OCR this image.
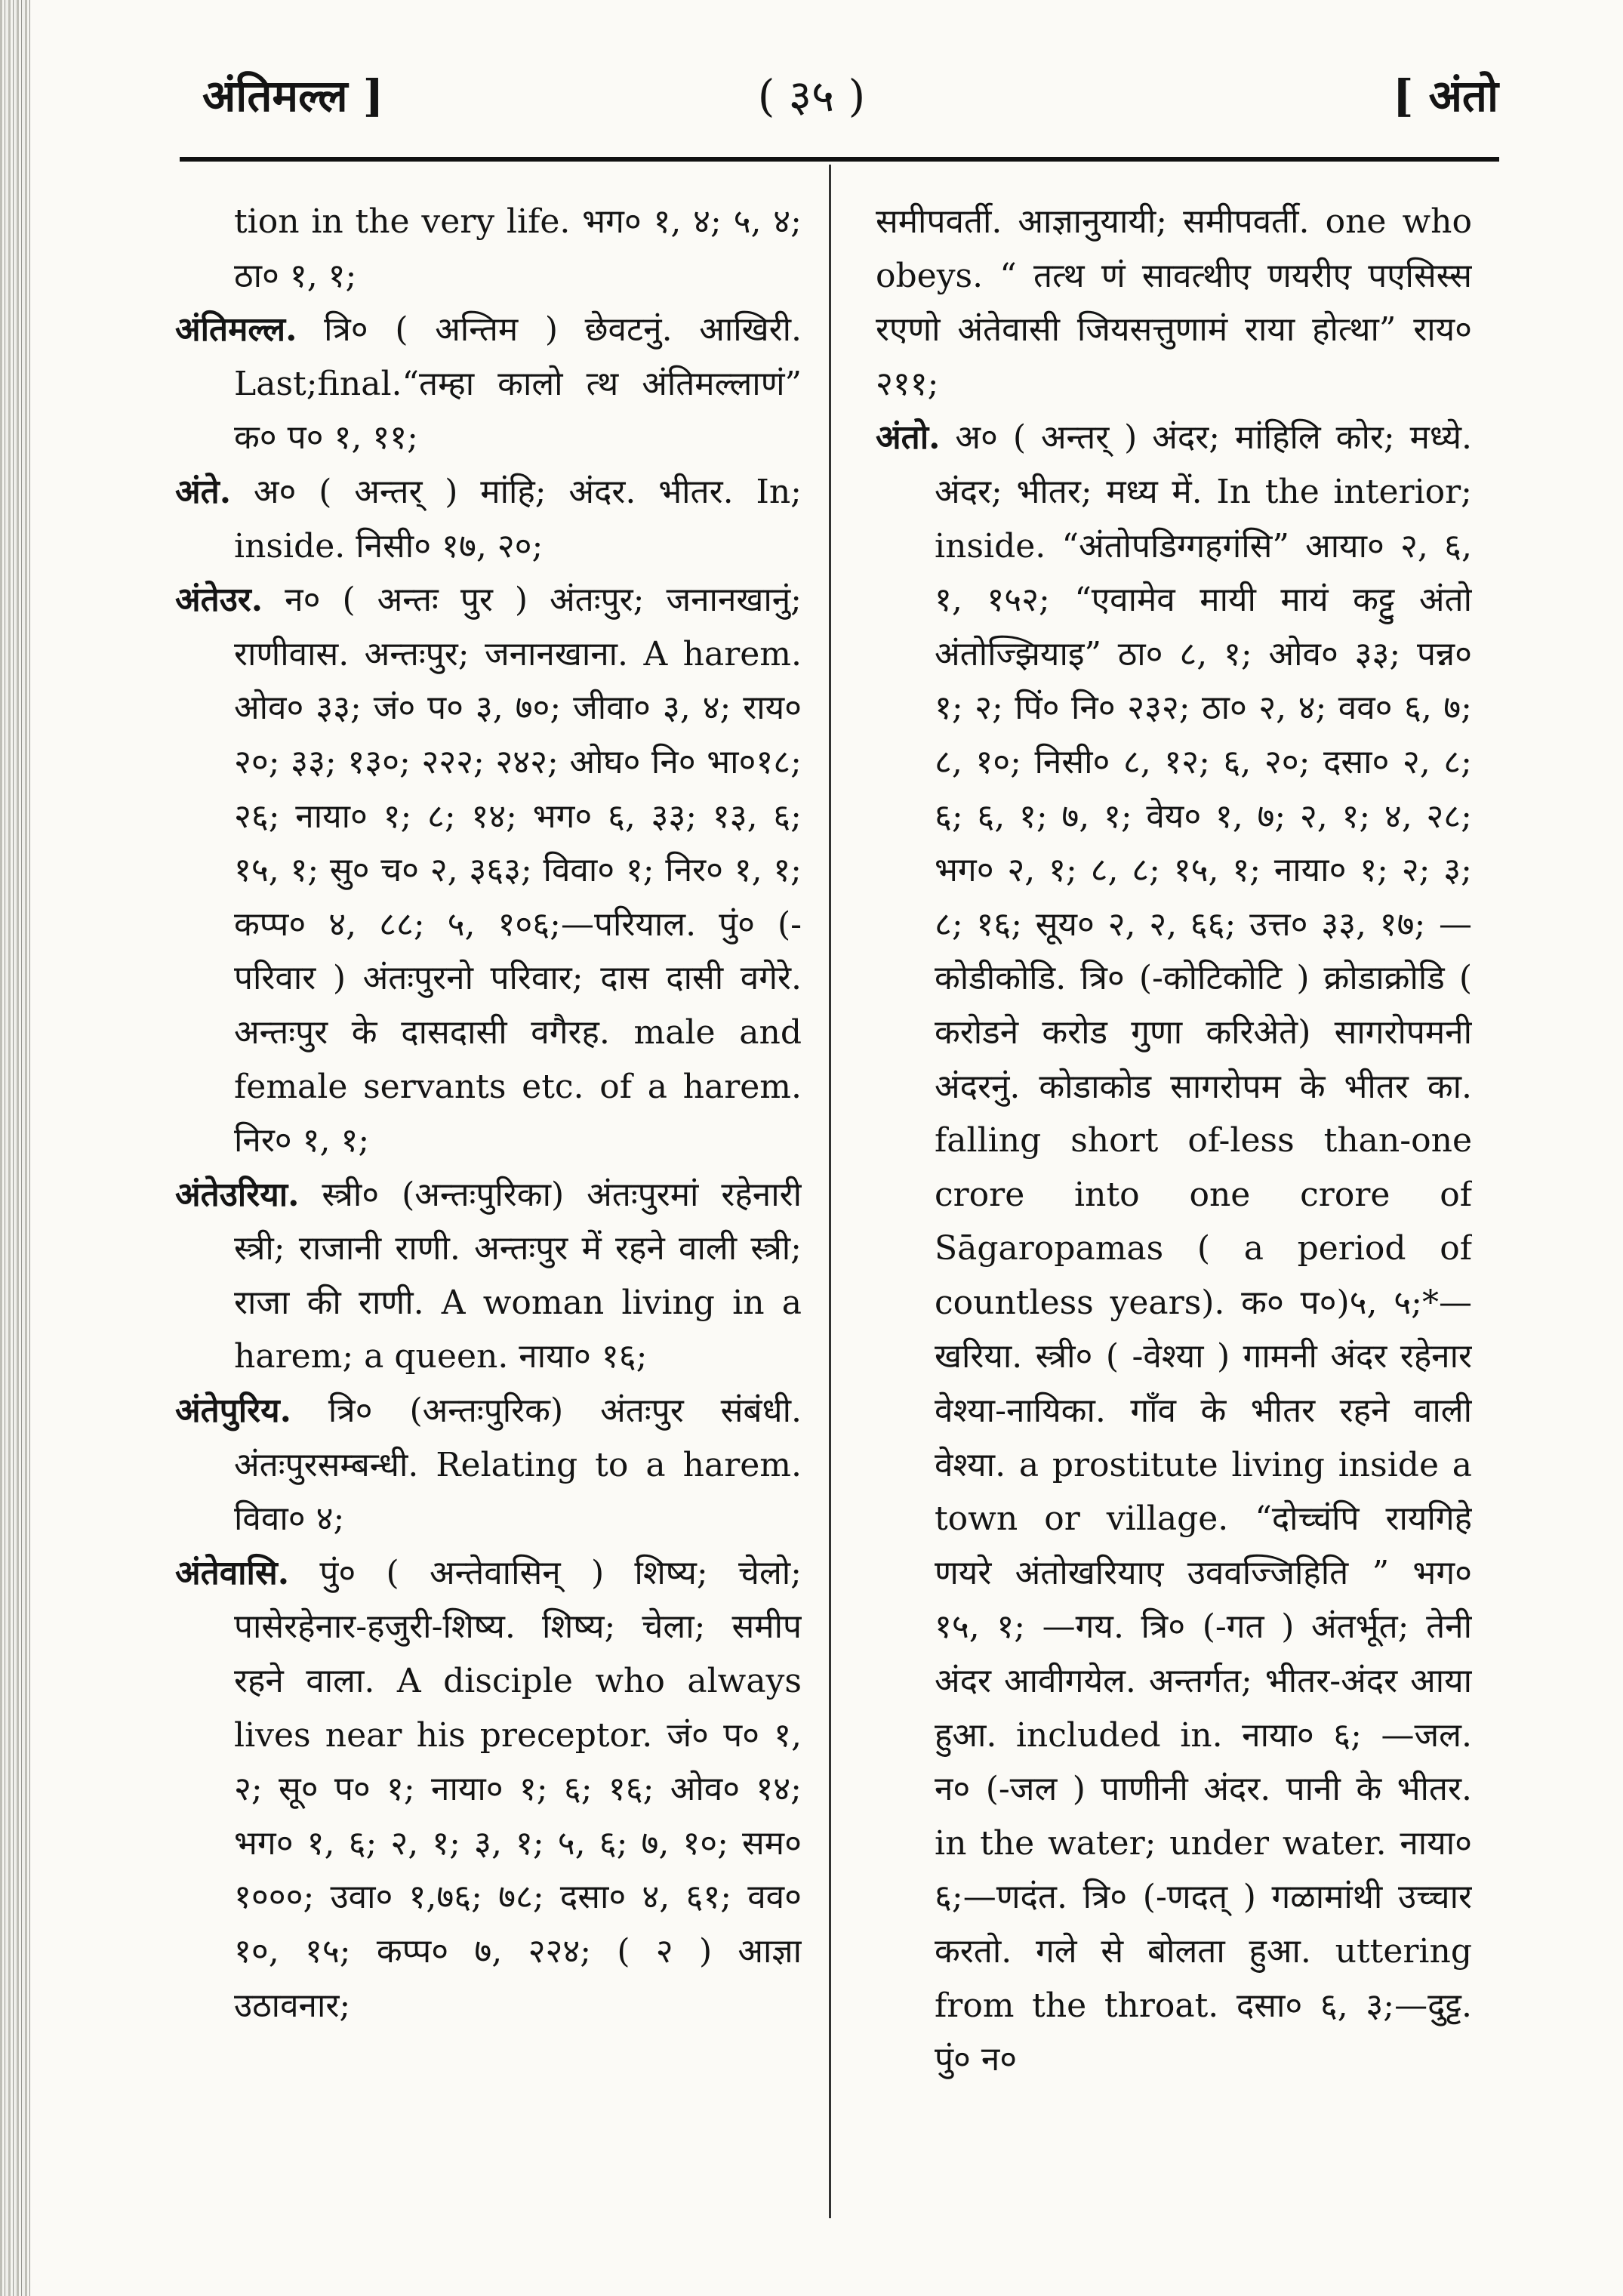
अंतिमल्ल ]	( ३५ )	[ अंतो

tion in the very life. भग० १, ४; ५, ४; ठा० १, १;

अंतिमल्ल. त्रि० ( अन्तिम ) छेवटनुं. आखिरी. Last;final.“तम्हा कालो त्थ अंतिमल्लाणं” क० प० १, ११;

अंते. अ० ( अन्तर् ) मांहि; अंदर. भीतर. In; inside. निसी० १७, २०;

अंतेउर. न० ( अन्तः पुर ) अंतःपुर; जनानखानुं; राणीवास. अन्तःपुर; जनानखाना. A harem. ओव० ३३; जं० प० ३, ७०; जीवा० ३, ४; राय० २०; ३३; १३०; २२२; २४२; ओघ० नि० भा०१८; २६; नाया० १; ८; १४; भग० ६, ३३; १३, ६; १५, १; सु० च० २, ३६३; विवा० १; निर० १, १; कप्प० ४, ८८; ५, १०६;—परियाल. पुं० (-परिवार ) अंतःपुरनो परिवार; दास दासी वगेरे. अन्तःपुर के दासदासी वगैरह. male and female servants etc. of a harem. निर० १, १;

अंतेउरिया. स्त्री० (अन्तःपुरिका) अंतःपुरमां रहेनारी स्त्री; राजानी राणी. अन्तःपुर में रहने वाली स्त्री; राजा की राणी. A woman living in a harem; a queen. नाया० १६;

अंतेपुरिय. त्रि० (अन्तःपुरिक) अंतःपुर संबंधी. अंतःपुरसम्बन्धी. Relating to a harem. विवा० ४;

अंतेवासि. पुं० ( अन्तेवासिन् ) शिष्य; चेलो; पासेरहेनार-हजुरी-शिष्य. शिष्य; चेला; समीप रहने वाला. A disciple who always lives near his preceptor. जं० प० १, २; सू० प० १; नाया० १; ६; १६; ओव० १४; भग० १, ६; २, १; ३, १; ५, ६; ७, १०; सम० १०००; उवा० १,७६; ७८; दसा० ४, ६१; वव० १०, १५; कप्प० ७, २२४; ( २ ) आज्ञा उठावनार;

समीपवर्ती. आज्ञानुयायी; समीपवर्ती. one who obeys. “ तत्थ णं सावत्थीए णयरीए पएसिस्स रएणो अंतेवासी जियसत्तुणामं राया होत्था” राय० २११;

अंतो. अ० ( अन्तर् ) अंदर; मांहिलि कोर; मध्ये. अंदर; भीतर; मध्य में. In the interior; inside. “अंतोपडिग्गहगंसि” आया० २, ६, १, १५२; “एवामेव मायी मायं कट्टु अंतो अंतोज्झियाइ” ठा० ८, १; ओव० ३३; पन्न० १; २; पिं० नि० २३२; ठा० २, ४; वव० ६, ७; ८, १०; निसी० ८, १२; ६, २०; दसा० २, ८; ६; ६, १; ७, १; वेय० १, ७; २, १; ४, २८; भग० २, १; ८, ८; १५, १; नाया० १; २; ३; ८; १६; सूय० २, २, ६६; उत्त० ३३, १७; —कोडीकोडि. त्रि० (-कोटिकोटि ) क्रोडाक्रोडि ( करोडने करोड गुणा करिअेते) सागरोपमनी अंदरनुं. कोडाकोड सागरोपम के भीतर का. falling short of-less than-one crore into one crore of Sāgaropamas ( a period of countless years). क० प०)५, ५;*—खरिया. स्त्री० ( -वेश्या ) गामनी अंदर रहेनार वेश्या-नायिका. गाँव के भीतर रहने वाली वेश्या. a prostitute living inside a town or village. “दोच्चंपि रायगिहे णयरे अंतोखरियाए उववज्जिहिति ” भग० १५, १; —गय. त्रि० (-गत ) अंतर्भूत; तेनी अंदर आवीगयेल. अन्तर्गत; भीतर-अंदर आया हुआ. included in. नाया० ६; —जल. न० (-जल ) पाणीनी अंदर. पानी के भीतर. in the water; under water. नाया० ६;—णदंत. त्रि० (-णदत् ) गळामांथी उच्चार करतो. गले से बोलता हुआ. uttering from the throat. दसा० ६, ३;—दुट्ट. पुं० न०
